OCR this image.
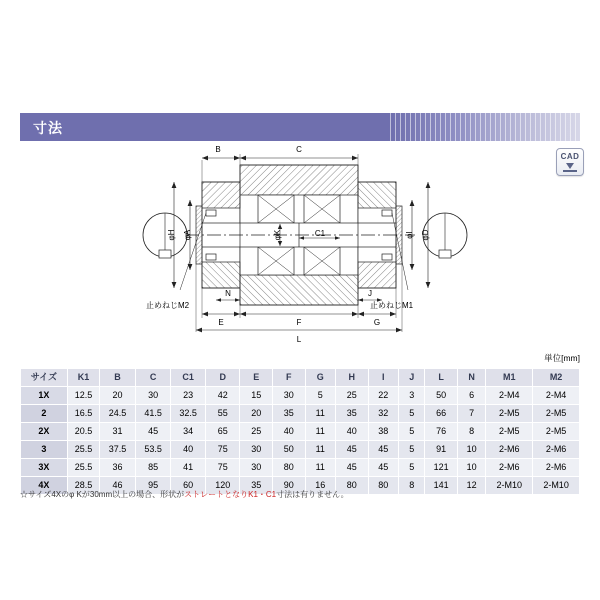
寸法
CAD
B	C
E	F	G
L
N	J
C1
φH φA	φK	φI φD
止めねじM2	止めねじM1
単位[mm]
サイズ	K1	B	C	C1	D	E	F	G	H	I	J	L	N	M1	M2
1X	12.5	20	30	23	42	15	30	5	25	22	3	50	6	2-M4	2-M4
2	16.5	24.5	41.5	32.5	55	20	35	11	35	32	5	66	7	2-M5	2-M5
2X	20.5	31	45	34	65	25	40	11	40	38	5	76	8	2-M5	2-M5
3	25.5	37.5	53.5	40	75	30	50	11	45	45	5	91	10	2-M6	2-M6
3X	25.5	36	85	41	75	30	80	11	45	45	5	121	10	2-M6	2-M6
4X	28.5	46	95	60	120	35	90	16	80	80	8	141	12	2-M10	2-M10
☆サイズ4Xのφ Kが30mm以上の場合、形状がストレートとなりK1・C1寸法は有りません。
